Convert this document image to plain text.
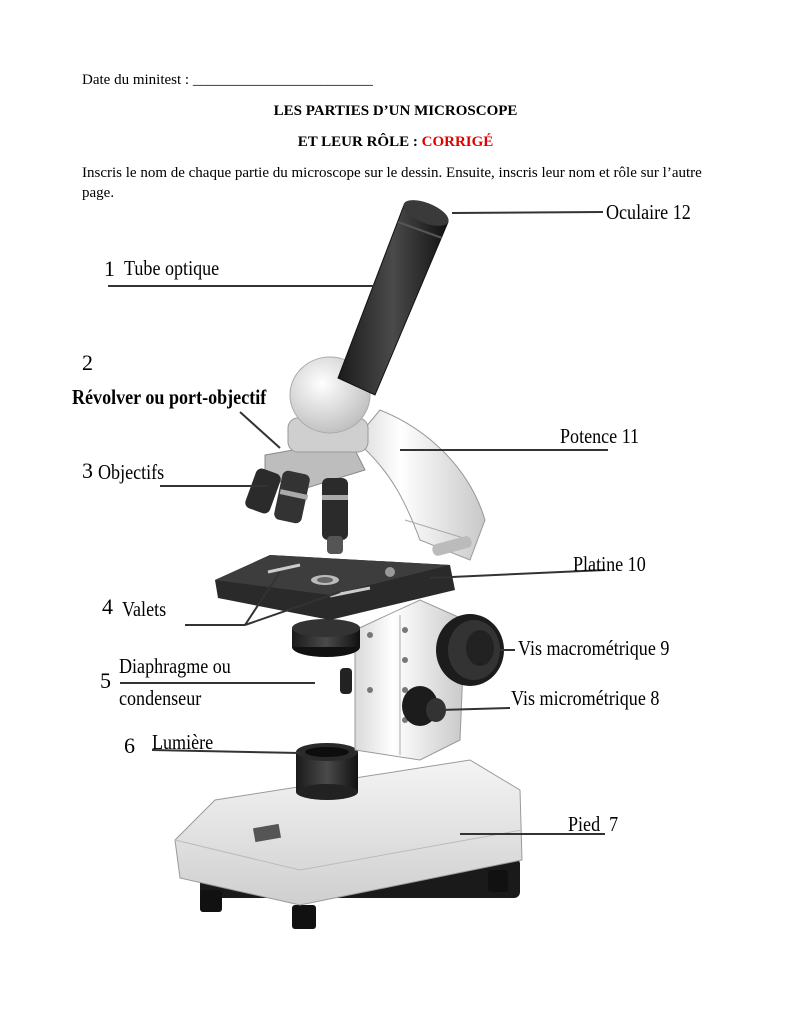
Date du minitest : ________________________
LES PARTIES D’UN MICROSCOPE
ET LEUR RÔLE : CORRIGÉ
Inscris le nom de chaque partie du microscope sur le dessin. Ensuite, inscris leur nom et rôle sur l’autre page.
Oculaire 12
1 Tube optique
2
Révolver ou port-objectif
Potence 11
3 Objectifs
Platine 10
4 Valets
Vis macrométrique 9
5
Diaphragme ou
condenseur	Vis micrométrique 8
6 Lumière
Pied 7
